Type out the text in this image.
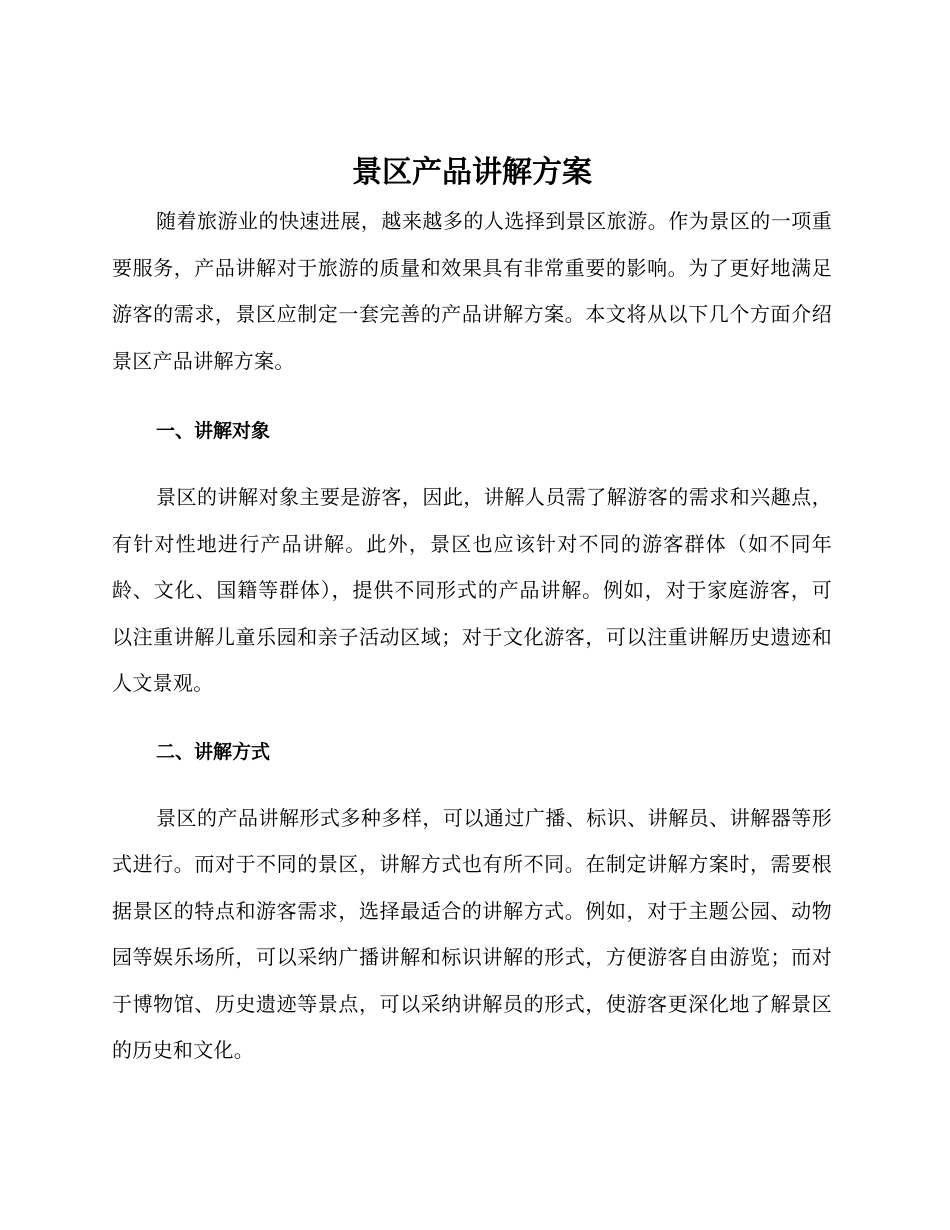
景区产品讲解方案

随着旅游业的快速进展，越来越多的人选择到景区旅游。作为景区的一项重要服务，产品讲解对于旅游的质量和效果具有非常重要的影响。为了更好地满足游客的需求，景区应制定一套完善的产品讲解方案。本文将从以下几个方面介绍景区产品讲解方案。

一、讲解对象

景区的讲解对象主要是游客，因此，讲解人员需了解游客的需求和兴趣点，有针对性地进行产品讲解。此外，景区也应该针对不同的游客群体（如不同年龄、文化、国籍等群体），提供不同形式的产品讲解。例如，对于家庭游客，可以注重讲解儿童乐园和亲子活动区域；对于文化游客，可以注重讲解历史遗迹和人文景观。

二、讲解方式

景区的产品讲解形式多种多样，可以通过广播、标识、讲解员、讲解器等形式进行。而对于不同的景区，讲解方式也有所不同。在制定讲解方案时，需要根据景区的特点和游客需求，选择最适合的讲解方式。例如，对于主题公园、动物园等娱乐场所，可以采纳广播讲解和标识讲解的形式，方便游客自由游览；而对于博物馆、历史遗迹等景点，可以采纳讲解员的形式，使游客更深化地了解景区的历史和文化。
